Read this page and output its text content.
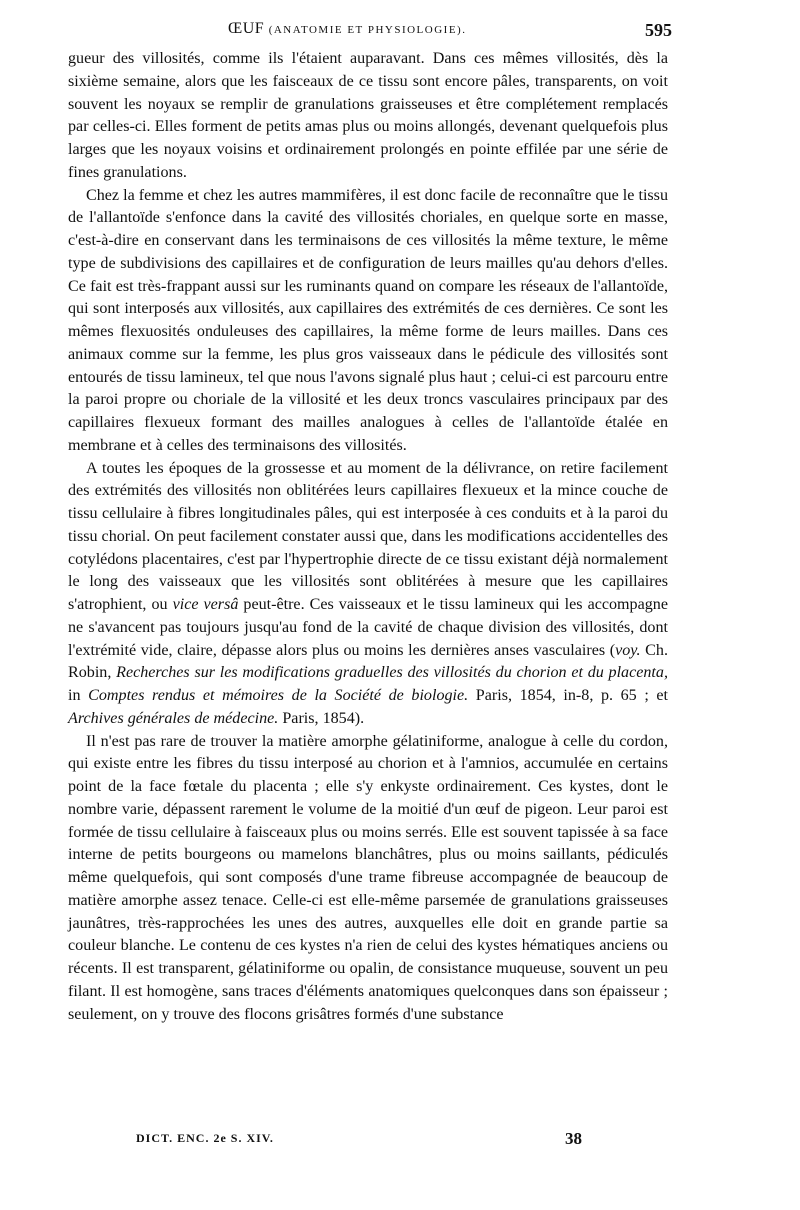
ŒUF (ANATOMIE ET PHYSIOLOGIE).	595

gueur des villosités, comme ils l'étaient auparavant. Dans ces mêmes villosités, dès la sixième semaine, alors que les faisceaux de ce tissu sont encore pâles, transparents, on voit souvent les noyaux se remplir de granulations graisseuses et être complétement remplacés par celles-ci. Elles forment de petits amas plus ou moins allongés, devenant quelquefois plus larges que les noyaux voisins et ordinairement prolongés en pointe effilée par une série de fines granulations.

Chez la femme et chez les autres mammifères, il est donc facile de reconnaître que le tissu de l'allantoïde s'enfonce dans la cavité des villosités choriales, en quelque sorte en masse, c'est-à-dire en conservant dans les terminaisons de ces villosités la même texture, le même type de subdivisions des capillaires et de configuration de leurs mailles qu'au dehors d'elles. Ce fait est très-frappant aussi sur les ruminants quand on compare les réseaux de l'allantoïde, qui sont interposés aux villosités, aux capillaires des extrémités de ces dernières. Ce sont les mêmes flexuosités onduleuses des capillaires, la même forme de leurs mailles. Dans ces animaux comme sur la femme, les plus gros vaisseaux dans le pédicule des villosités sont entourés de tissu lamineux, tel que nous l'avons signalé plus haut ; celui-ci est parcouru entre la paroi propre ou choriale de la villosité et les deux troncs vasculaires principaux par des capillaires flexueux formant des mailles analogues à celles de l'allantoïde étalée en membrane et à celles des terminaisons des villosités.

A toutes les époques de la grossesse et au moment de la délivrance, on retire facilement des extrémités des villosités non oblitérées leurs capillaires flexueux et la mince couche de tissu cellulaire à fibres longitudinales pâles, qui est interposée à ces conduits et à la paroi du tissu chorial. On peut facilement constater aussi que, dans les modifications accidentelles des cotylédons placentaires, c'est par l'hypertrophie directe de ce tissu existant déjà normalement le long des vaisseaux que les villosités sont oblitérées à mesure que les capillaires s'atrophient, ou vice versâ peut-être. Ces vaisseaux et le tissu lamineux qui les accompagne ne s'avancent pas toujours jusqu'au fond de la cavité de chaque division des villosités, dont l'extrémité vide, claire, dépasse alors plus ou moins les dernières anses vasculaires (voy. Ch. Robin, Recherches sur les modifications graduelles des villosités du chorion et du placenta, in Comptes rendus et mémoires de la Société de biologie. Paris, 1854, in-8, p. 65 ; et Archives générales de médecine. Paris, 1854).

Il n'est pas rare de trouver la matière amorphe gélatiniforme, analogue à celle du cordon, qui existe entre les fibres du tissu interposé au chorion et à l'amnios, accumulée en certains point de la face fœtale du placenta ; elle s'y enkyste ordinairement. Ces kystes, dont le nombre varie, dépassent rarement le volume de la moitié d'un œuf de pigeon. Leur paroi est formée de tissu cellulaire à faisceaux plus ou moins serrés. Elle est souvent tapissée à sa face interne de petits bourgeons ou mamelons blanchâtres, plus ou moins saillants, pédiculés même quelquefois, qui sont composés d'une trame fibreuse accompagnée de beaucoup de matière amorphe assez tenace. Celle-ci est elle-même parsemée de granulations graisseuses jaunâtres, très-rapprochées les unes des autres, auxquelles elle doit en grande partie sa couleur blanche. Le contenu de ces kystes n'a rien de celui des kystes hématiques anciens ou récents. Il est transparent, gélatiniforme ou opalin, de consistance muqueuse, souvent un peu filant. Il est homogène, sans traces d'éléments anatomiques quelconques dans son épaisseur ; seulement, on y trouve des flocons grisâtres formés d'une substance

DICT. ENC. 2e S. XIV.	38
